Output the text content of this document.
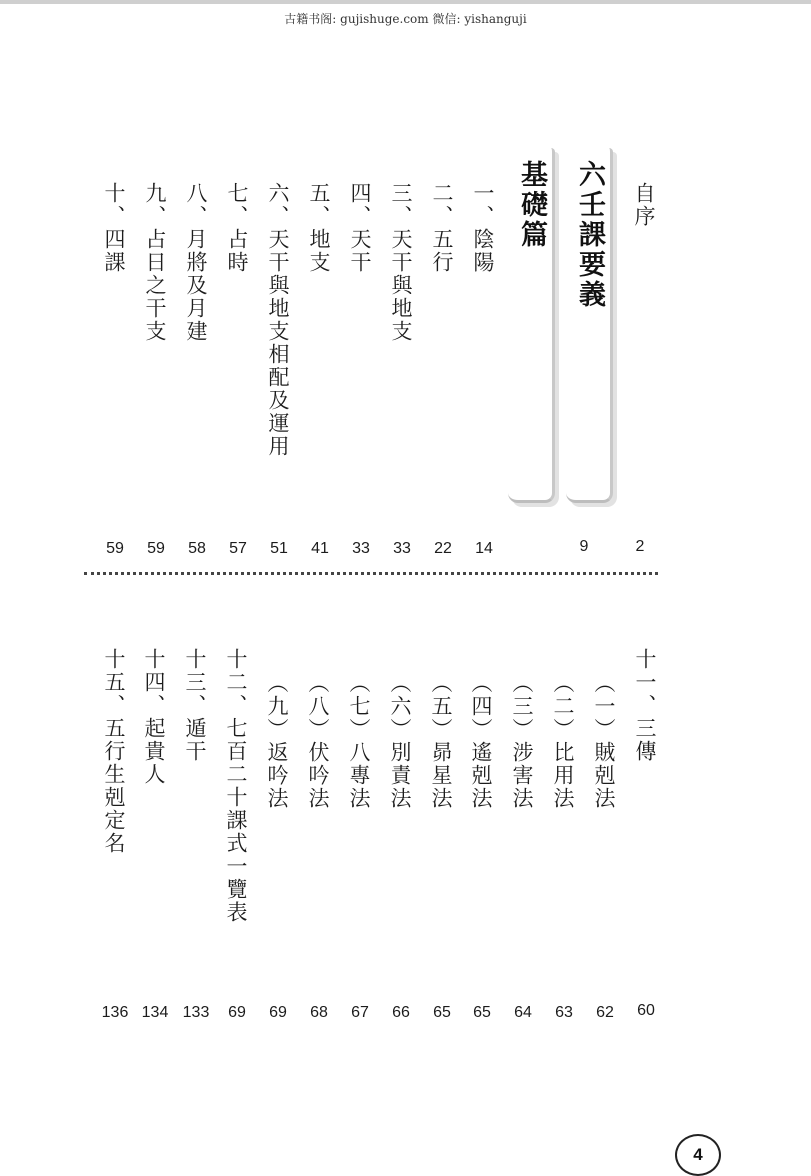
古籍书阁: gujishuge.com 微信: yishanguji
自序
2
六壬課要義
9
基礎篇
一、陰陽
14
二、五行
22
三、天干與地支
33
四、天干
33
五、地支
41
六、天干與地支相配及運用
51
七、占時
57
八、月將及月建
58
九、占日之干支
59
十、四課
59
十一、三傳
60
（一）賊剋法
62
（二）比用法
63
（三）涉害法
64
（四）遙剋法
65
（五）昴星法
65
（六）別責法
66
（七）八專法
67
（八）伏吟法
68
（九）返吟法
69
十二、七百二十課式一覽表
69
十三、遁干
133
十四、起貴人
134
十五、五行生剋定名
136
4
